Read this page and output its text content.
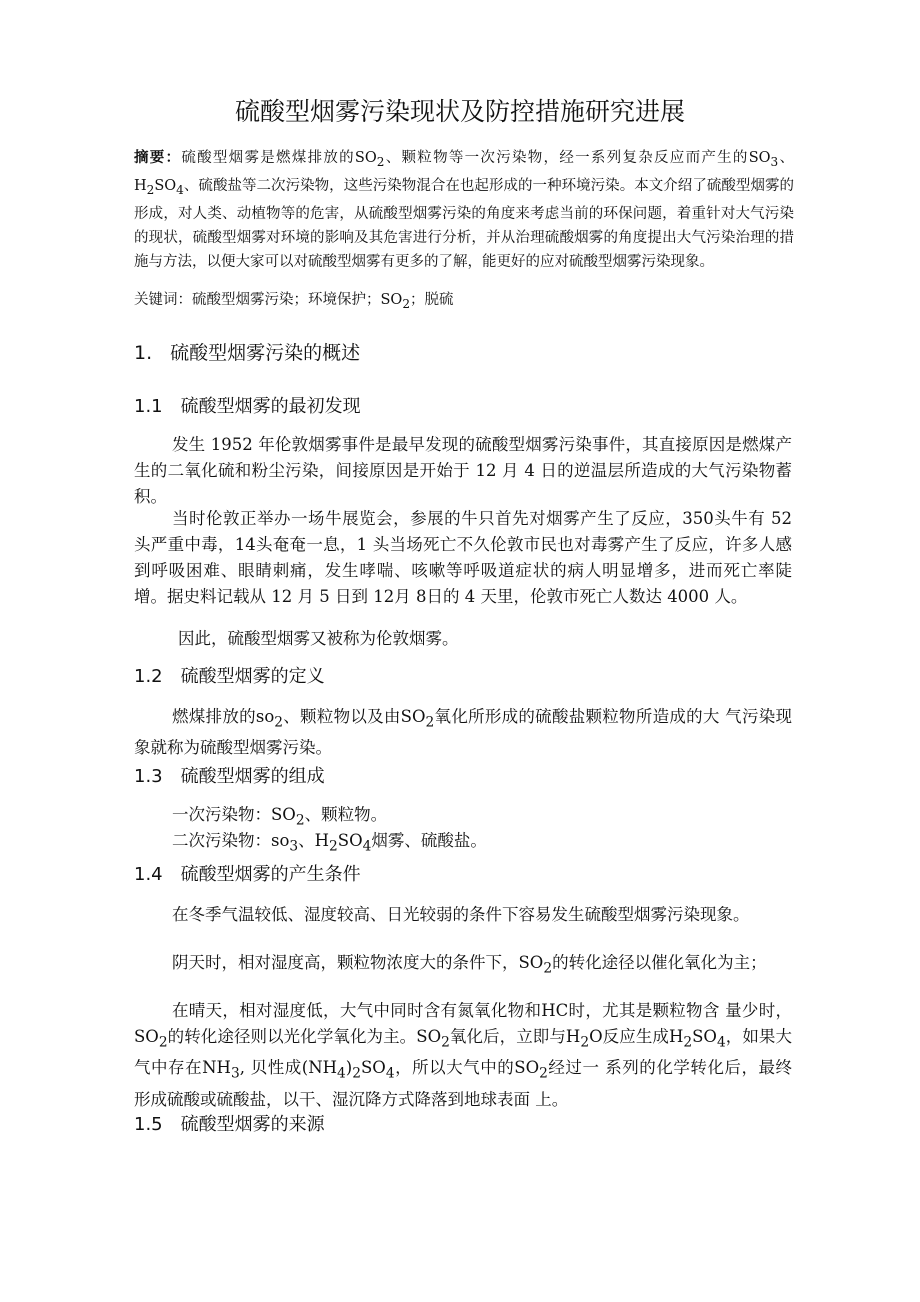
硫酸型烟雾污染现状及防控措施研究进展
摘要：硫酸型烟雾是燃煤排放的$SO_2$、颗粒物等一次污染物，经一系列复杂反应而产生的$SO_3$、$H_2SO_4$、硫酸盐等二次污染物，这些污染物混合在也起形成的一种环境污染。本文介绍了硫酸型烟雾的形成，对人类、动植物等的危害，从硫酸型烟雾污染的角度来考虑当前的环保问题，着重针对大气污染的现状，硫酸型烟雾对环境的影响及其危害进行分析，并从治理硫酸烟雾的角度提出大气污染治理的措施与方法，以便大家可以对硫酸型烟雾有更多的了解，能更好的应对硫酸型烟雾污染现象。
关键词：硫酸型烟雾污染；环境保护；$SO_2$；脱硫
1. 硫酸型烟雾污染的概述
1.1 硫酸型烟雾的最初发现
发生 1952 年伦敦烟雾事件是最早发现的硫酸型烟雾污染事件，其直接原因是燃煤产生的二氧化硫和粉尘污染，间接原因是开始于 12 月 4 日的逆温层所造成的大气污染物蓄积。
当时伦敦正举办一场牛展览会，参展的牛只首先对烟雾产生了反应，350头牛有 52 头严重中毒，14头奄奄一息，1 头当场死亡不久伦敦市民也对毒雾产生了反应，许多人感到呼吸困难、眼睛刺痛，发生哮喘、咳嗽等呼吸道症状的病人明显增多，进而死亡率陡增。据史料记载从 12 月 5 日到 12月 8日的 4 天里，伦敦市死亡人数达 4000 人。
因此，硫酸型烟雾又被称为伦敦烟雾。
1.2 硫酸型烟雾的定义
燃煤排放的$so_2$、颗粒物以及由$SO_2$氧化所形成的硫酸盐颗粒物所造成的大 气污染现象就称为硫酸型烟雾污染。
1.3 硫酸型烟雾的组成
一次污染物：$SO_2$、颗粒物。
二次污染物：$so_3$、$H_2SO_4$烟雾、硫酸盐。
1.4 硫酸型烟雾的产生条件
在冬季气温较低、湿度较高、日光较弱的条件下容易发生硫酸型烟雾污染现象。
阴天时，相对湿度高，颗粒物浓度大的条件下，$SO_2$的转化途径以催化氧化为主；
在晴天，相对湿度低，大气中同时含有氮氧化物和HC时，尤其是颗粒物含 量少时，$SO_2$的转化途径则以光化学氧化为主。$SO_2$氧化后，立即与$H_2O$反应生成$H_2SO_4$，如果大气中存在$NH_3$, 贝性成$(NH_4)_2SO_4$，所以大气中的$SO_2$经过一 系列的化学转化后，最终形成硫酸或硫酸盐，以干、湿沉降方式降落到地球表面 上。
1.5 硫酸型烟雾的来源
